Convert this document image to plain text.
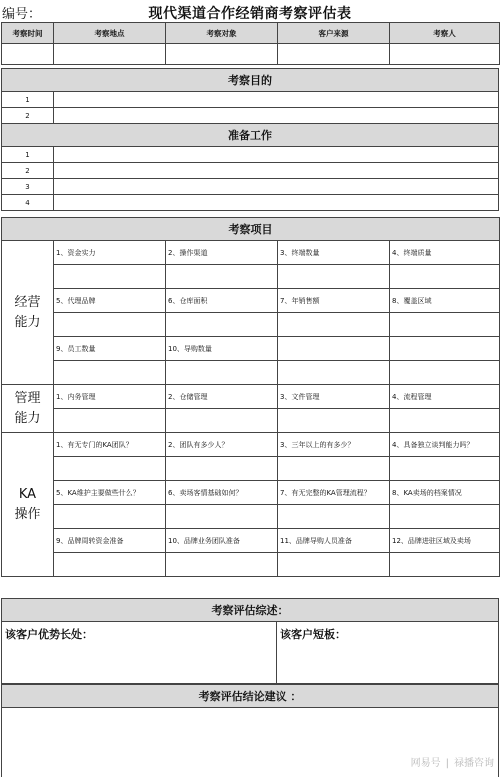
编号：	现代渠道合作经销商考察评估表
考察时间	考察地点	考察对象	客户来源	考察人

考察目的	
1	
2	
准备工作	
1	
2	
3	
4	
考察项目				
经营
能力	1、资金实力	2、操作渠道	3、终端数量	4、终端质量

	5、代理品牌	6、仓库面积	7、年销售额	8、覆盖区域

	9、员工数量	10、导购数量		

管理
能力	1、内务管理	2、仓储管理	3、文件管理	4、流程管理

KA
操作	1、有无专门的KA团队？	2、团队有多少人？	3、三年以上的有多少？	4、具备独立谈判能力吗？

	5、KA维护主要做些什么？	6、卖场客情基础如何？	7、有无完整的KA管理流程？	8、KA卖场的档案情况

	9、品牌周转资金准备	10、品牌业务团队准备	11、品牌导购人员准备	12、品牌进驻区域及卖场

考察评估综述：
该客户优势长处：	该客户短板：
考察评估结论建议 ：

网易号 | 禄播咨询
